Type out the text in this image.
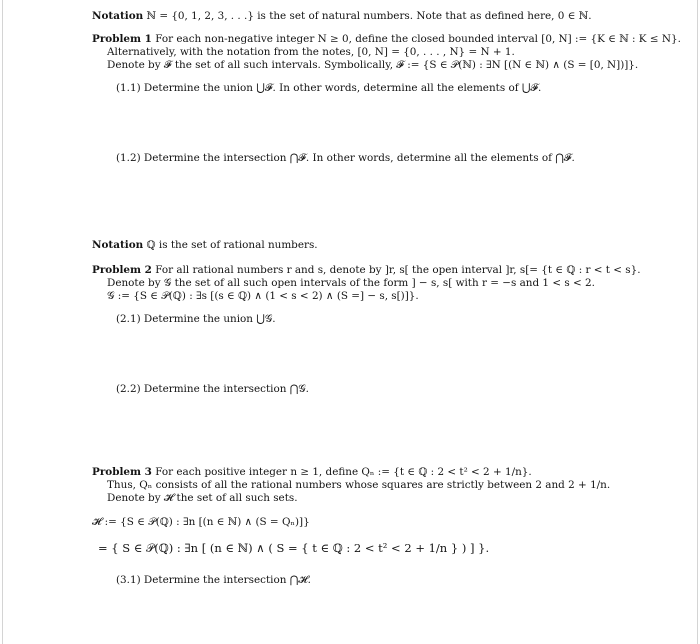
Notation ℕ = {0, 1, 2, 3, . . .} is the set of natural numbers. Note that as defined here, 0 ∈ ℕ.
Problem 1 For each non-negative integer N ≥ 0, define the closed bounded interval [0, N] := {K ∈ ℕ : K ≤ N}.
Alternatively, with the notation from the notes, [0, N] = {0, . . . , N} = N + 1.
Denote by 𝓕 the set of all such intervals. Symbolically, 𝓕 := {S ∈ 𝒫(ℕ) : ∃N [(N ∈ ℕ) ∧ (S = [0, N])]}.
(1.1) Determine the union ⋃𝓕. In other words, determine all the elements of ⋃𝓕.
(1.2) Determine the intersection ⋂𝓕. In other words, determine all the elements of ⋂𝓕.
Notation ℚ is the set of rational numbers.
Problem 2 For all rational numbers r and s, denote by ]r, s[ the open interval ]r, s[= {t ∈ ℚ : r < t < s}.
Denote by 𝒢 the set of all such open intervals of the form ] − s, s[ with r = −s and 1 < s < 2.
𝒢 := {S ∈ 𝒫(ℚ) : ∃s [(s ∈ ℚ) ∧ (1 < s < 2) ∧ (S =] − s, s[)]}.
(2.1) Determine the union ⋃𝒢.
(2.2) Determine the intersection ⋂𝒢.
Problem 3 For each positive integer n ≥ 1, define Qₙ := {t ∈ ℚ : 2 < t² < 2 + 1/n}.
Thus, Qₙ consists of all the rational numbers whose squares are strictly between 2 and 2 + 1/n.
Denote by 𝓗 the set of all such sets.
𝓗 := {S ∈ 𝒫(ℚ) : ∃n [(n ∈ ℕ) ∧ (S = Qₙ)]}
= { S ∈ 𝒫(ℚ) : ∃n [ (n ∈ ℕ) ∧ ( S = { t ∈ ℚ : 2 < t² < 2 + 1/n } ) ] }.
(3.1) Determine the intersection ⋂𝓗.
